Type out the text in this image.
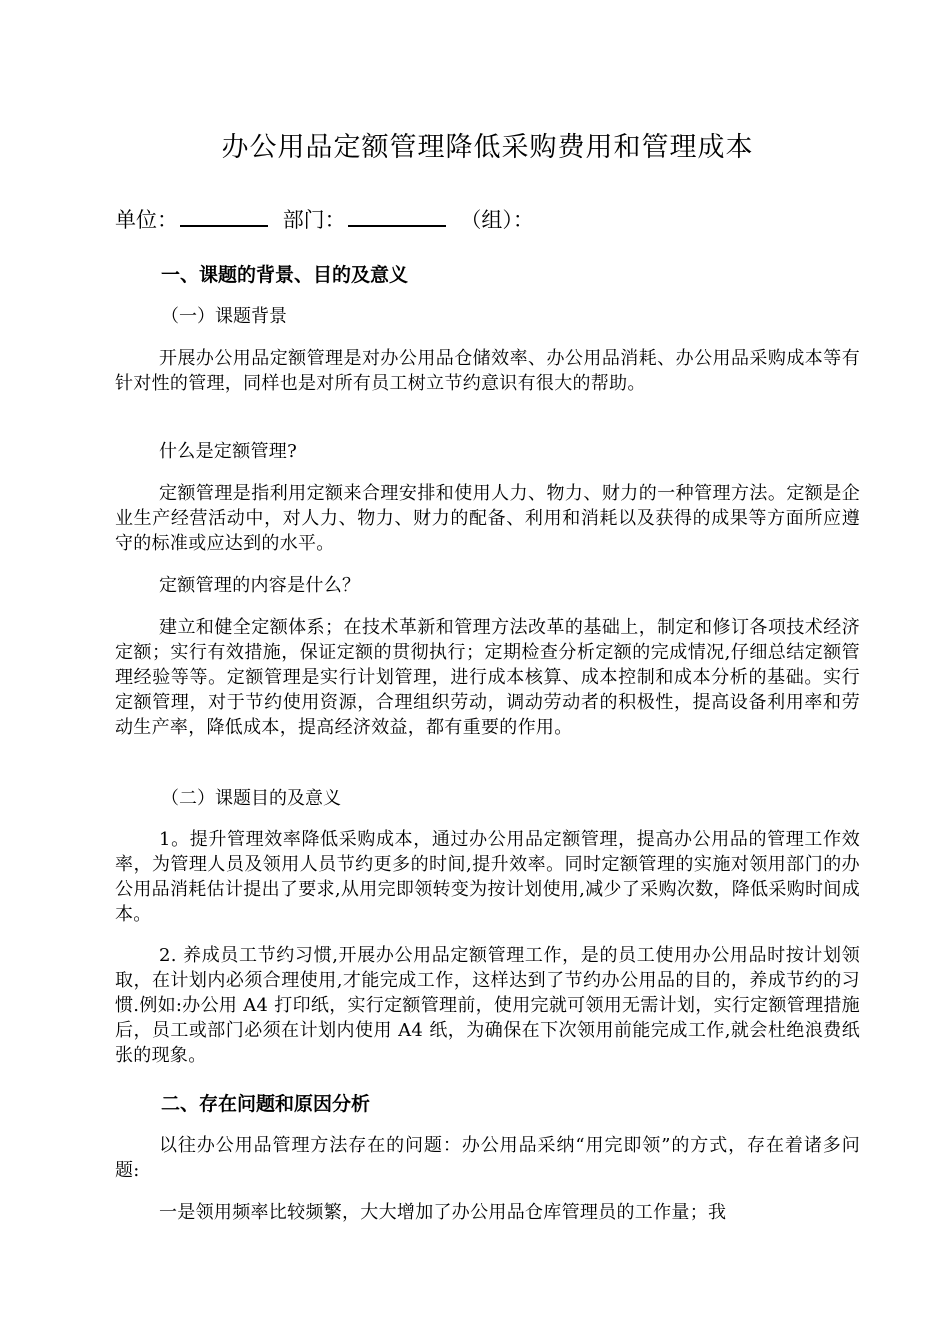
办公用品定额管理降低采购费用和管理成本
单位：	部门：	（组）：
一、课题的背景、目的及意义
（一）课题背景
开展办公用品定额管理是对办公用品仓储效率、办公用品消耗、办公用品采购成本等有针对性的管理，同样也是对所有员工树立节约意识有很大的帮助。
什么是定额管理?
定额管理是指利用定额来合理安排和使用人力、物力、财力的一种管理方法。定额是企业生产经营活动中，对人力、物力、财力的配备、利用和消耗以及获得的成果等方面所应遵守的标准或应达到的水平。
定额管理的内容是什么？
建立和健全定额体系；在技术革新和管理方法改革的基础上，制定和修订各项技术经济定额；实行有效措施，保证定额的贯彻执行；定期检查分析定额的完成情况,仔细总结定额管理经验等等。定额管理是实行计划管理，进行成本核算、成本控制和成本分析的基础。实行定额管理，对于节约使用资源，合理组织劳动，调动劳动者的积极性，提高设备利用率和劳动生产率，降低成本，提高经济效益，都有重要的作用。
（二）课题目的及意义
1。提升管理效率降低采购成本，通过办公用品定额管理，提高办公用品的管理工作效率，为管理人员及领用人员节约更多的时间,提升效率。同时定额管理的实施对领用部门的办公用品消耗估计提出了要求,从用完即领转变为按计划使用,减少了采购次数，降低采购时间成本。
2. 养成员工节约习惯,开展办公用品定额管理工作，是的员工使用办公用品时按计划领取，在计划内必须合理使用,才能完成工作，这样达到了节约办公用品的目的，养成节约的习惯.例如:办公用 A4 打印纸，实行定额管理前，使用完就可领用无需计划，实行定额管理措施后，员工或部门必须在计划内使用 A4 纸，为确保在下次领用前能完成工作,就会杜绝浪费纸张的现象。
二、存在问题和原因分析
以往办公用品管理方法存在的问题：办公用品采纳“用完即领”的方式，存在着诸多问题:
一是领用频率比较频繁，大大增加了办公用品仓库管理员的工作量；我
